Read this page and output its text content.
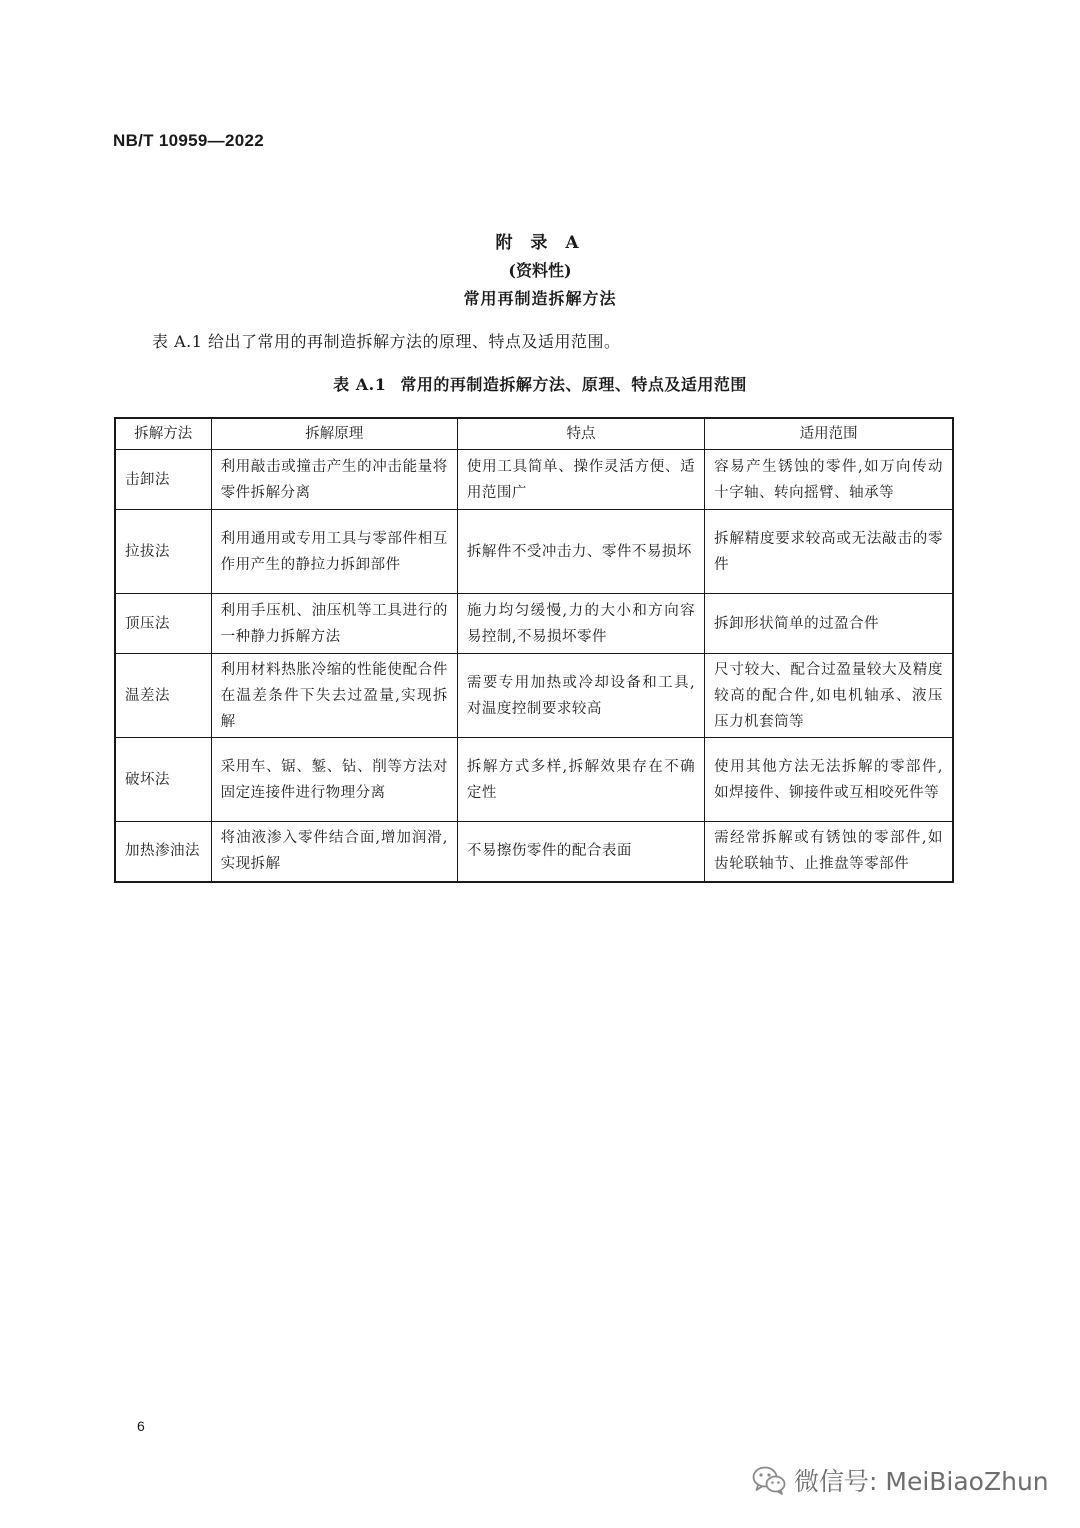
NB/T 10959—2022
附 录 A
(资料性)
常用再制造拆解方法
表 A.1 给出了常用的再制造拆解方法的原理、特点及适用范围。
表 A.1 常用的再制造拆解方法、原理、特点及适用范围
拆解方法	拆解原理	特点	适用范围
击卸法	利用敲击或撞击产生的冲击能量将零件拆解分离	使用工具简单、操作灵活方便、适用范围广	容易产生锈蚀的零件,如万向传动十字轴、转向摇臂、轴承等
拉拔法	利用通用或专用工具与零部件相互作用产生的静拉力拆卸部件	拆解件不受冲击力、零件不易损坏	拆解精度要求较高或无法敲击的零件
顶压法	利用手压机、油压机等工具进行的一种静力拆解方法	施力均匀缓慢,力的大小和方向容易控制,不易损坏零件	拆卸形状简单的过盈合件
温差法	利用材料热胀冷缩的性能使配合件在温差条件下失去过盈量,实现拆解	需要专用加热或冷却设备和工具,对温度控制要求较高	尺寸较大、配合过盈量较大及精度较高的配合件,如电机轴承、液压压力机套筒等
破坏法	采用车、锯、錾、钻、削等方法对固定连接件进行物理分离	拆解方式多样,拆解效果存在不确定性	使用其他方法无法拆解的零部件,如焊接件、铆接件或互相咬死件等
加热渗油法	将油液渗入零件结合面,增加润滑,实现拆解	不易擦伤零件的配合表面	需经常拆解或有锈蚀的零部件,如齿轮联轴节、止推盘等零部件
6
微信号: MeiBiaoZhun
